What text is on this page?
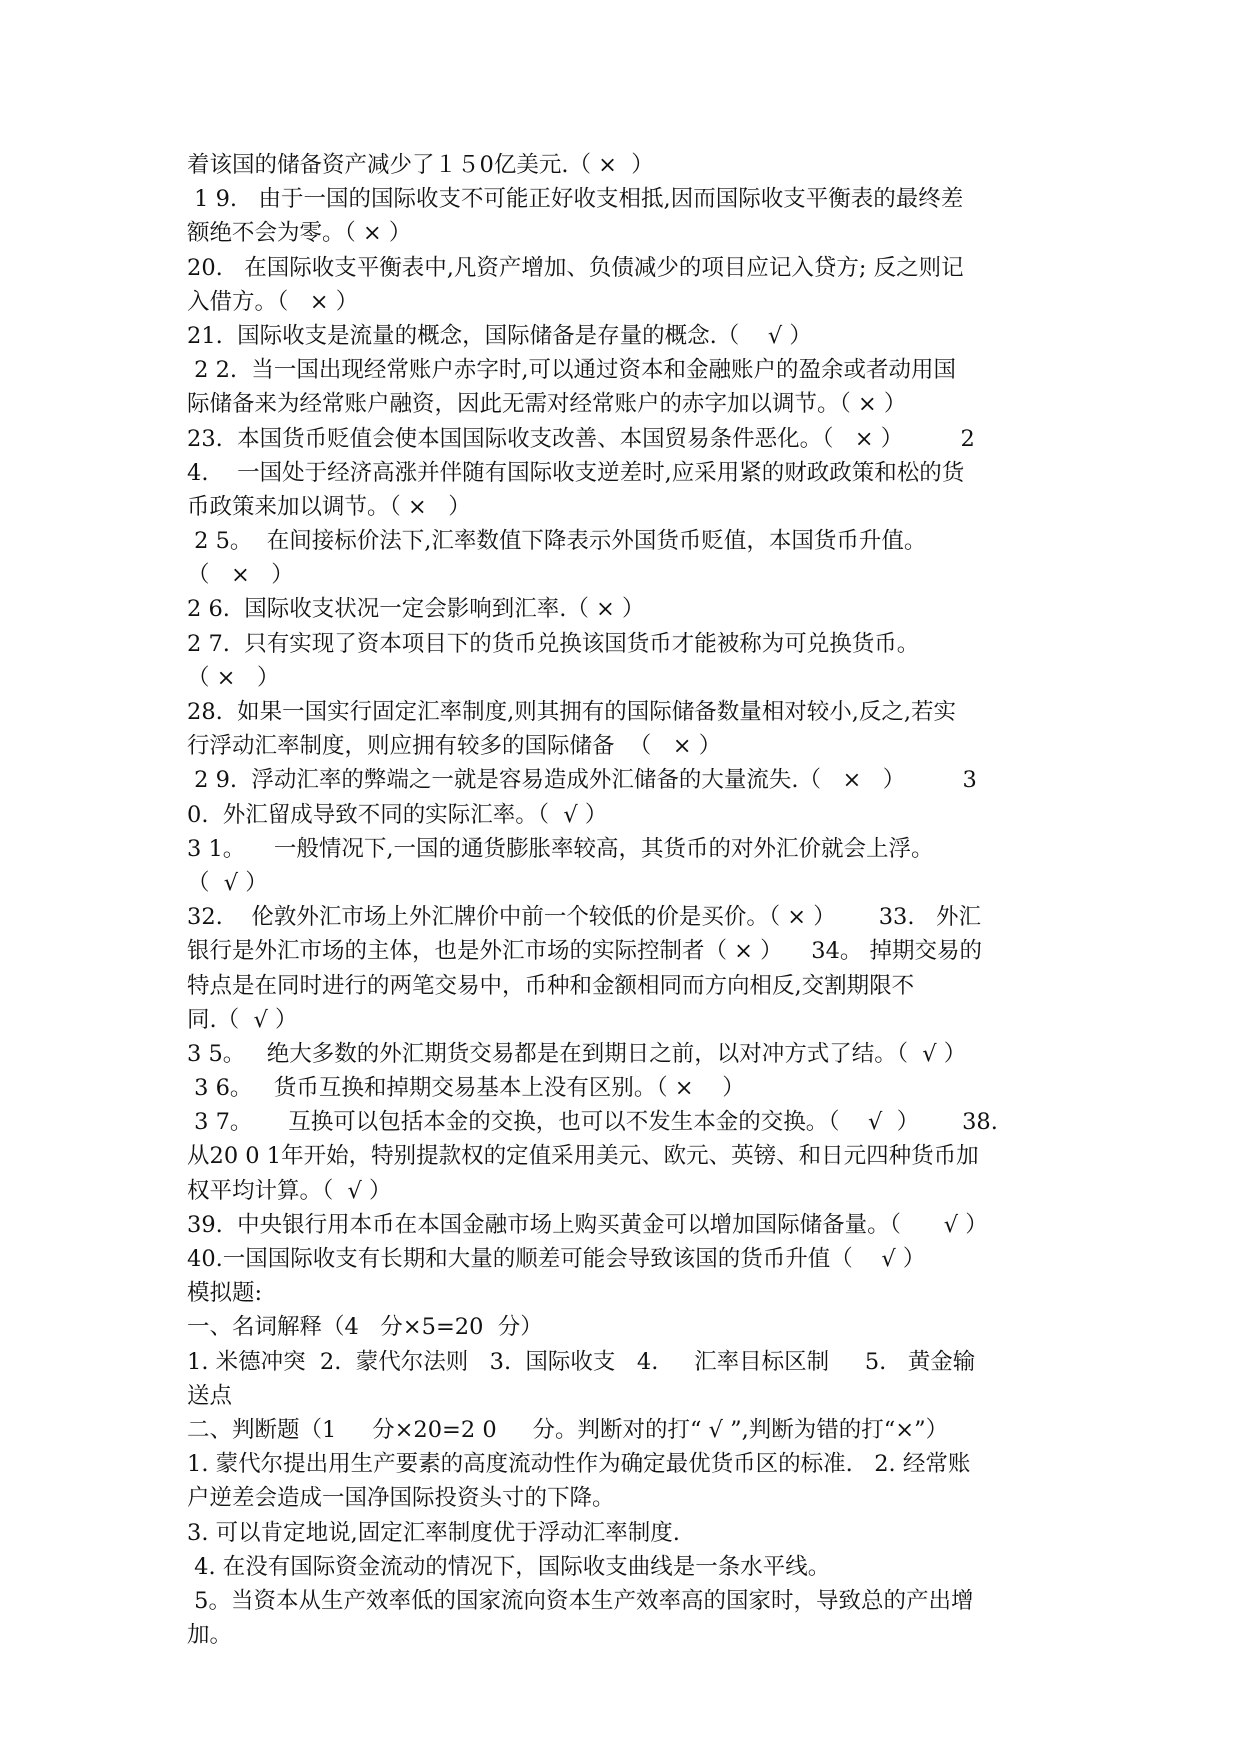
着该国的储备资产减少了１５0亿美元.（ ×  ）
1 9.   由于一国的国际收支不可能正好收支相抵,因而国际收支平衡表的最终差
额绝不会为零。（ × ）
20.   在国际收支平衡表中,凡资产增加、负债减少的项目应记入贷方; 反之则记
入借方。（   × ）
21.  国际收支是流量的概念，国际储备是存量的概念.（    √ ）
2 2.  当一国出现经常账户赤字时,可以通过资本和金融账户的盈余或者动用国
际储备来为经常账户融资，因此无需对经常账户的赤字加以调节。（ × ）
23.  本国货币贬值会使本国国际收支改善、本国贸易条件恶化。（   × ）        2
4.    一国处于经济高涨并伴随有国际收支逆差时,应采用紧的财政政策和松的货
币政策来加以调节。（ ×   ）
2 5。  在间接标价法下,汇率数值下降表示外国货币贬值，本国货币升值。
（   ×   ）
2 6.  国际收支状况一定会影响到汇率.（ × ）
2 7.  只有实现了资本项目下的货币兑换该国货币才能被称为可兑换货币。
（ ×   ）
28.  如果一国实行固定汇率制度,则其拥有的国际储备数量相对较小,反之,若实
行浮动汇率制度，则应拥有较多的国际储备  （   × ）
2 9.  浮动汇率的弊端之一就是容易造成外汇储备的大量流失.（   ×   ）        3
0.  外汇留成导致不同的实际汇率。（  √ ）
3 1。    一般情况下,一国的通货膨胀率较高，其货币的对外汇价就会上浮。
（  √ ）
32.    伦敦外汇市场上外汇牌价中前一个较低的价是买价。（ × ）      33.   外汇
银行是外汇市场的主体，也是外汇市场的实际控制者（ × ）    34。 掉期交易的
特点是在同时进行的两笔交易中，币种和金额相同而方向相反,交割期限不
同.（  √ ）
3 5。   绝大多数的外汇期货交易都是在到期日之前，以对冲方式了结。（  √ ）
3 6。   货币互换和掉期交易基本上没有区别。（ ×    ）
3 7。     互换可以包括本金的交换，也可以不发生本金的交换。（    √  ）      38.
从20 0 1年开始，特别提款权的定值采用美元、欧元、英镑、和日元四种货币加
权平均计算。（  √ ）
39.  中央银行用本币在本国金融市场上购买黄金可以增加国际储备量。（      √ ）
40.一国国际收支有长期和大量的顺差可能会导致该国的货币升值（    √ ）
模拟题:
一、名词解释（4   分×5=20  分）
1. 米德冲突  2.  蒙代尔法则   3.  国际收支   4.     汇率目标区制     5.   黄金输
送点
二、判断题（1     分×20=2 0     分。判断对的打“ √ ”,判断为错的打“×”）
1. 蒙代尔提出用生产要素的高度流动性作为确定最优货币区的标准.   2. 经常账
户逆差会造成一国净国际投资头寸的下降。
3. 可以肯定地说,固定汇率制度优于浮动汇率制度.
4. 在没有国际资金流动的情况下，国际收支曲线是一条水平线。
5。当资本从生产效率低的国家流向资本生产效率高的国家时，导致总的产出增
加。
